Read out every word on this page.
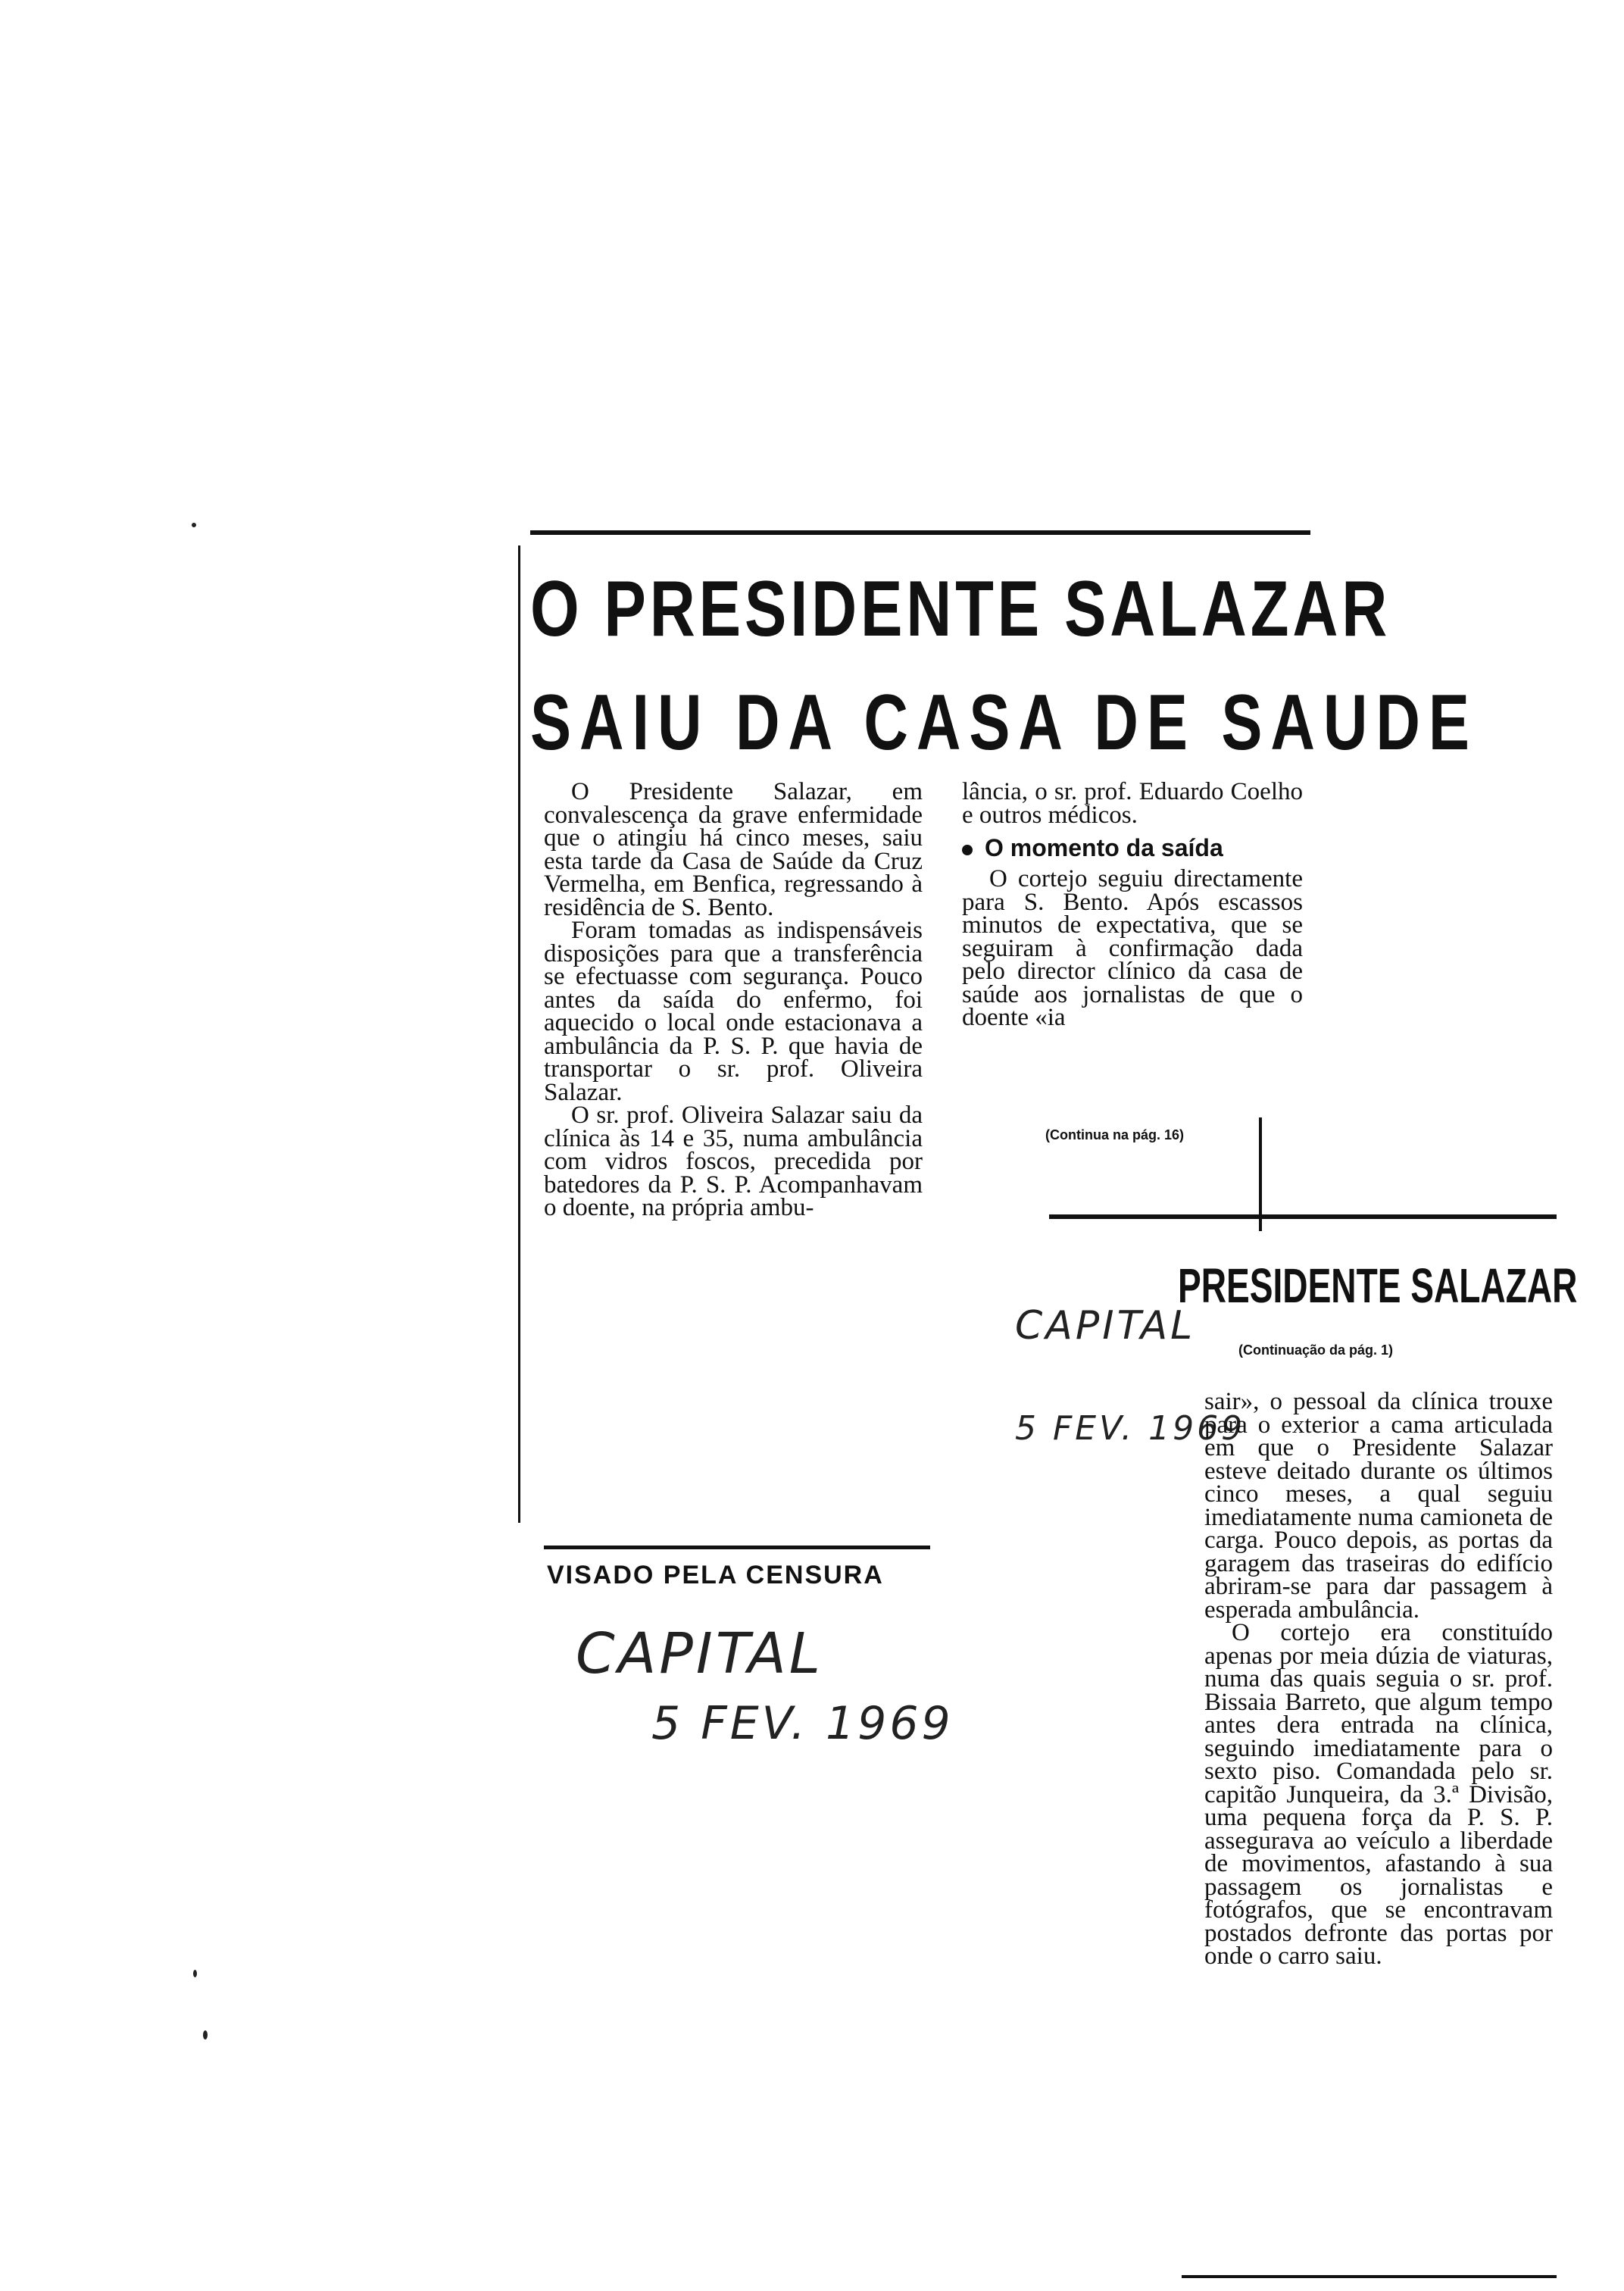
O PRESIDENTE SALAZAR
SAIU DA CASA DE SAUDE

O Presidente Salazar, em convalescença da grave enfermidade que o atingiu há cinco meses, saiu esta tarde da Casa de Saúde da Cruz Vermelha, em Benfica, regressando à residência de S. Bento.

Foram tomadas as indispensáveis disposições para que a transferência se efectuasse com segurança. Pouco antes da saída do enfermo, foi aquecido o local onde estacionava a ambulância da P. S. P. que havia de transportar o sr. prof. Oliveira Salazar.

O sr. prof. Oliveira Salazar saiu da clínica às 14 e 35, numa ambulância com vidros foscos, precedida por batedores da P. S. P. Acompanhavam o doente, na própria ambu-

lância, o sr. prof. Eduardo Coelho e outros médicos.

O momento da saída

O cortejo seguiu directamente para S. Bento. Após escassos minutos de expectativa, que se seguiram à confirmação dada pelo director clínico da casa de saúde aos jornalistas de que o doente «ia

(Continua na pág. 16)
VISADO PELA CENSURA
CAPITAL
5 FEV. 1969
PRESIDENTE SALAZAR
(Continuação da pág. 1)
CAPITAL
5 FEV. 1969

sair», o pessoal da clínica trouxe para o exterior a cama articulada em que o Presidente Salazar esteve deitado durante os últimos cinco meses, a qual seguiu imediatamente numa camioneta de carga. Pouco depois, as portas da garagem das traseiras do edifício abriram-se para dar passagem à esperada ambulância.

O cortejo era constituído apenas por meia dúzia de viaturas, numa das quais seguia o sr. prof. Bissaia Barreto, que algum tempo antes dera entrada na clínica, seguindo imediatamente para o sexto piso. Comandada pelo sr. capitão Junqueira, da 3.ª Divisão, uma pequena força da P. S. P. assegurava ao veículo a liberdade de movimentos, afastando à sua passagem os jornalistas e fotógrafos, que se encontravam postados defronte das portas por onde o carro saiu.
